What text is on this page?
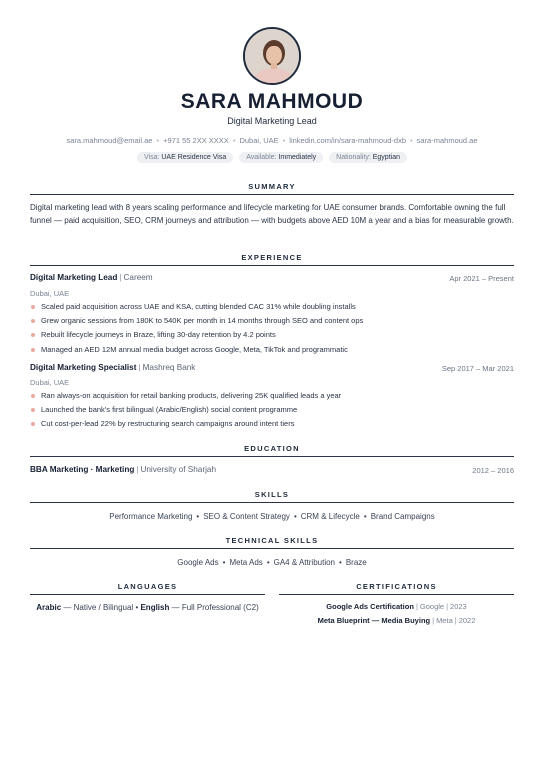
SARA MAHMOUD
Digital Marketing Lead
sara.mahmoud@email.ae • +971 55 2XX XXXX • Dubai, UAE • linkedin.com/in/sara-mahmoud-dxb • sara-mahmoud.ae
Visa: UAE Residence Visa	Available: Immediately	Nationality: Egyptian
SUMMARY
Digital marketing lead with 8 years scaling performance and lifecycle marketing for UAE consumer brands. Comfortable owning the full funnel — paid acquisition, SEO, CRM journeys and attribution — with budgets above AED 10M a year and a bias for measurable growth.
EXPERIENCE
Digital Marketing Lead | Careem	Apr 2021 – Present
Dubai, UAE
Scaled paid acquisition across UAE and KSA, cutting blended CAC 31% while doubling installs
Grew organic sessions from 180K to 540K per month in 14 months through SEO and content ops
Rebuilt lifecycle journeys in Braze, lifting 30-day retention by 4.2 points
Managed an AED 12M annual media budget across Google, Meta, TikTok and programmatic
Digital Marketing Specialist | Mashreq Bank	Sep 2017 – Mar 2021
Dubai, UAE
Ran always-on acquisition for retail banking products, delivering 25K qualified leads a year
Launched the bank's first bilingual (Arabic/English) social content programme
Cut cost-per-lead 22% by restructuring search campaigns around intent tiers
EDUCATION
BBA Marketing · Marketing | University of Sharjah	2012 – 2016
SKILLS
Performance Marketing • SEO & Content Strategy • CRM & Lifecycle • Brand Campaigns
TECHNICAL SKILLS
Google Ads • Meta Ads • GA4 & Attribution • Braze
LANGUAGES
Arabic — Native / Bilingual • English — Full Professional (C2)
CERTIFICATIONS
Google Ads Certification | Google | 2023
Meta Blueprint — Media Buying | Meta | 2022
